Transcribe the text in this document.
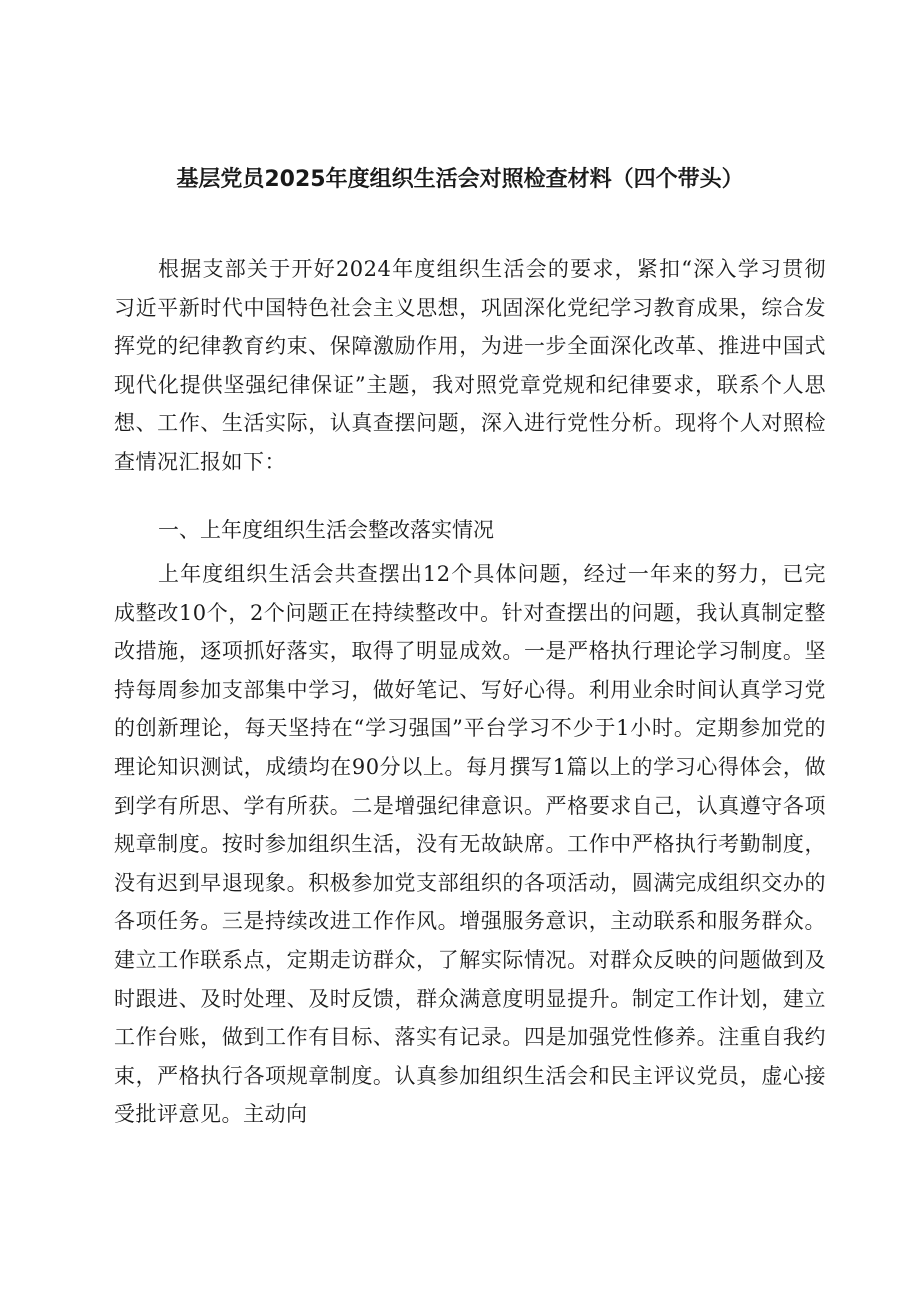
基层党员2025年度组织生活会对照检查材料（四个带头）

根据支部关于开好2024年度组织生活会的要求，紧扣“深入学习贯彻习近平新时代中国特色社会主义思想，巩固深化党纪学习教育成果，综合发挥党的纪律教育约束、保障激励作用，为进一步全面深化改革、推进中国式现代化提供坚强纪律保证”主题，我对照党章党规和纪律要求，联系个人思想、工作、生活实际，认真查摆问题，深入进行党性分析。现将个人对照检查情况汇报如下：

一、上年度组织生活会整改落实情况

上年度组织生活会共查摆出12个具体问题，经过一年来的努力，已完成整改10个，2个问题正在持续整改中。针对查摆出的问题，我认真制定整改措施，逐项抓好落实，取得了明显成效。一是严格执行理论学习制度。坚持每周参加支部集中学习，做好笔记、写好心得。利用业余时间认真学习党的创新理论，每天坚持在“学习强国”平台学习不少于1小时。定期参加党的理论知识测试，成绩均在90分以上。每月撰写1篇以上的学习心得体会，做到学有所思、学有所获。二是增强纪律意识。严格要求自己，认真遵守各项规章制度。按时参加组织生活，没有无故缺席。工作中严格执行考勤制度，没有迟到早退现象。积极参加党支部组织的各项活动，圆满完成组织交办的各项任务。三是持续改进工作作风。增强服务意识，主动联系和服务群众。建立工作联系点，定期走访群众，了解实际情况。对群众反映的问题做到及时跟进、及时处理、及时反馈，群众满意度明显提升。制定工作计划，建立工作台账，做到工作有目标、落实有记录。四是加强党性修养。注重自我约束，严格执行各项规章制度。认真参加组织生活会和民主评议党员，虚心接受批评意见。主动向
